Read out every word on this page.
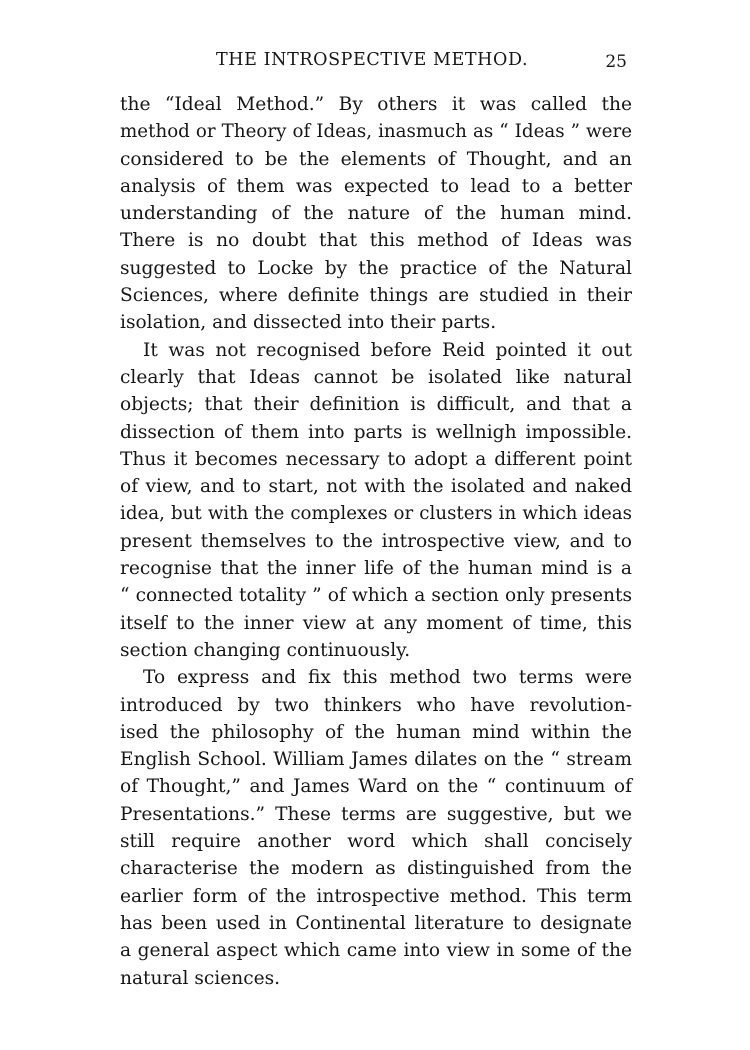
THE INTROSPECTIVE METHOD.	25
the “Ideal Method.” By others it was called the
method or Theory of Ideas, inasmuch as “ Ideas ” were
considered to be the elements of Thought, and an
analysis of them was expected to lead to a better
understanding of the nature of the human mind.
There is no doubt that this method of Ideas was
suggested to Locke by the practice of the Natural
Sciences, where definite things are studied in their
isolation, and dissected into their parts.
It was not recognised before Reid pointed it out
clearly that Ideas cannot be isolated like natural
objects; that their definition is difficult, and that a
dissection of them into parts is wellnigh impossible.
Thus it becomes necessary to adopt a different point
of view, and to start, not with the isolated and naked
idea, but with the complexes or clusters in which ideas
present themselves to the introspective view, and to
recognise that the inner life of the human mind is a
“ connected totality ” of which a section only presents
itself to the inner view at any moment of time, this
section changing continuously.
To express and fix this method two terms were
introduced by two thinkers who have revolution-
ised the philosophy of the human mind within the
English School. William James dilates on the “ stream
of Thought,” and James Ward on the “ continuum of
Presentations.” These terms are suggestive, but we
still require another word which shall concisely
characterise the modern as distinguished from the
earlier form of the introspective method. This term
has been used in Continental literature to designate
a general aspect which came into view in some of the
natural sciences.
